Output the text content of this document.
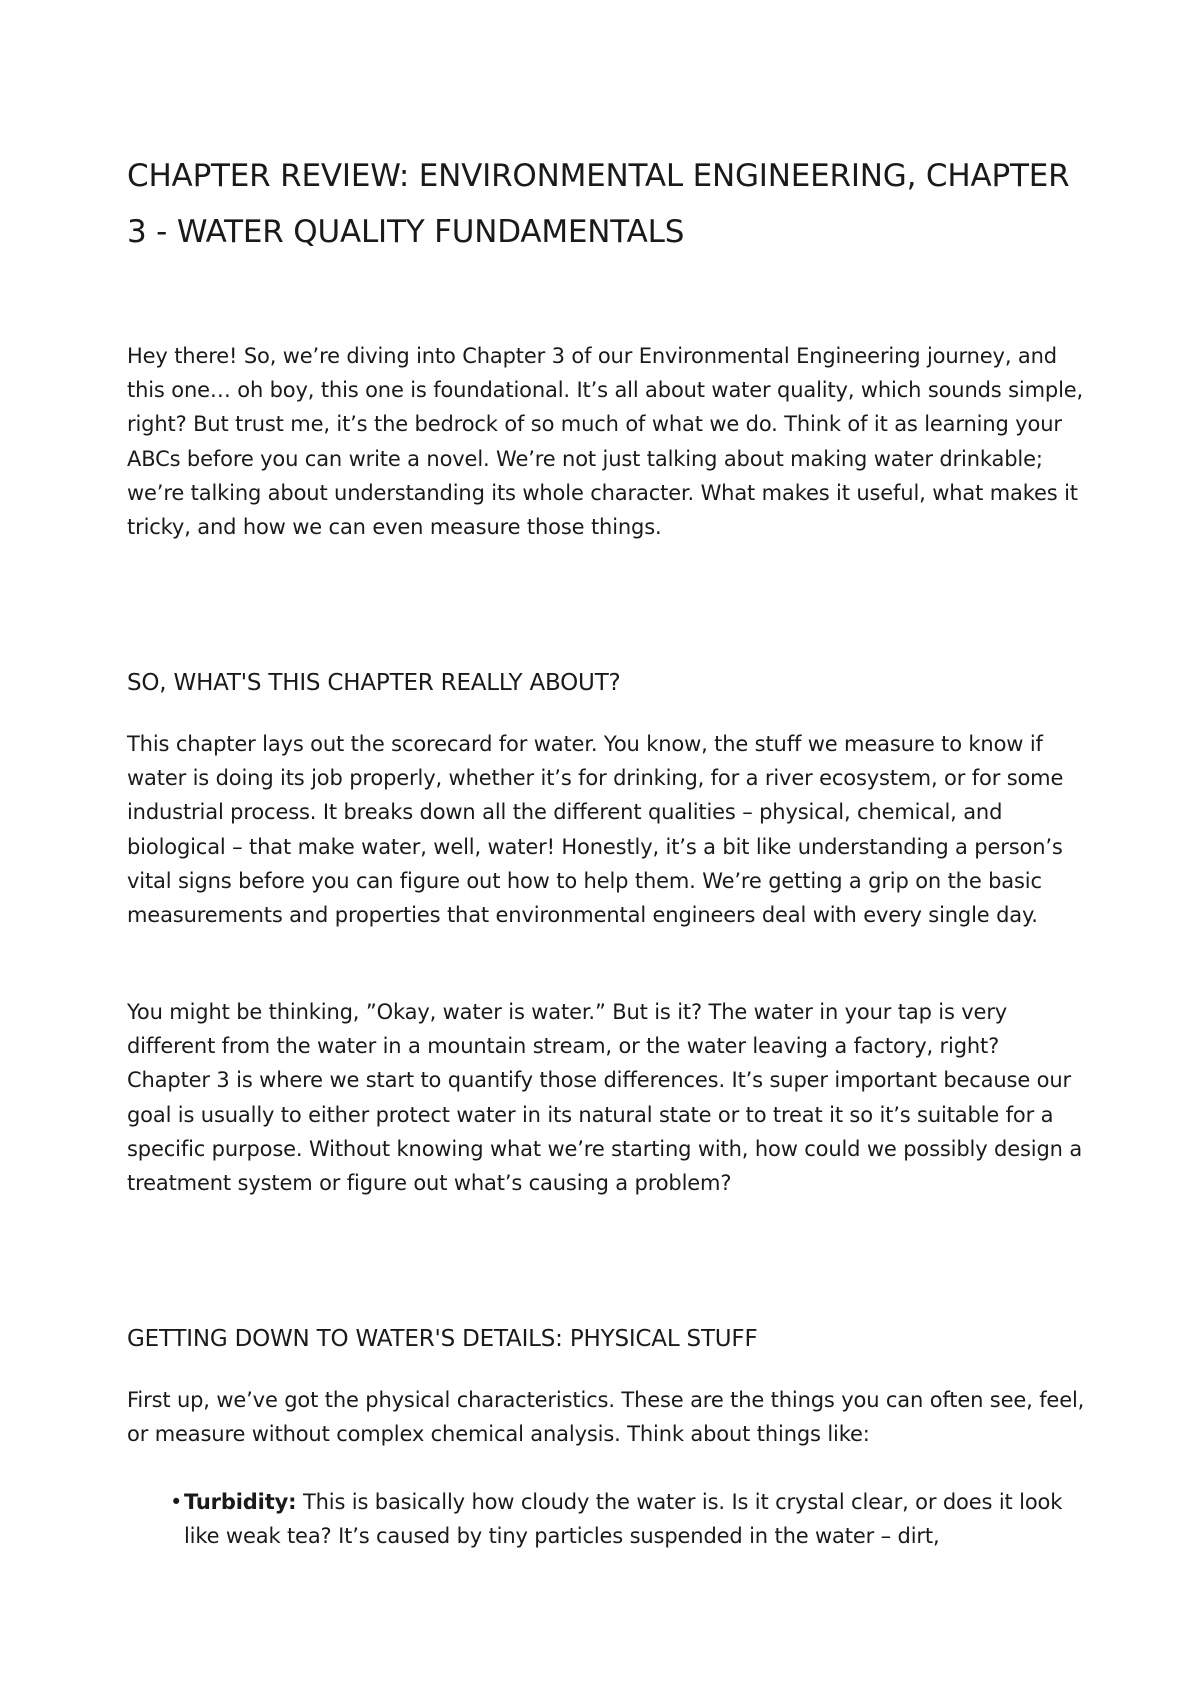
CHAPTER REVIEW: ENVIRONMENTAL ENGINEERING, CHAPTER 3 - WATER QUALITY FUNDAMENTALS

Hey there! So, we’re diving into Chapter 3 of our Environmental Engineering journey, and this one… oh boy, this one is foundational. It’s all about water quality, which sounds simple, right? But trust me, it’s the bedrock of so much of what we do. Think of it as learning your ABCs before you can write a novel. We’re not just talking about making water drinkable; we’re talking about understanding its whole character. What makes it useful, what makes it tricky, and how we can even measure those things.

SO, WHAT'S THIS CHAPTER REALLY ABOUT?

This chapter lays out the scorecard for water. You know, the stuff we measure to know if water is doing its job properly, whether it’s for drinking, for a river ecosystem, or for some industrial process. It breaks down all the different qualities – physical, chemical, and biological – that make water, well, water! Honestly, it’s a bit like understanding a person’s vital signs before you can figure out how to help them. We’re getting a grip on the basic measurements and properties that environmental engineers deal with every single day.

You might be thinking, ”Okay, water is water.” But is it? The water in your tap is very different from the water in a mountain stream, or the water leaving a factory, right? Chapter 3 is where we start to quantify those differences. It’s super important because our goal is usually to either protect water in its natural state or to treat it so it’s suitable for a specific purpose. Without knowing what we’re starting with, how could we possibly design a treatment system or figure out what’s causing a problem?

GETTING DOWN TO WATER'S DETAILS: PHYSICAL STUFF

First up, we’ve got the physical characteristics. These are the things you can often see, feel, or measure without complex chemical analysis. Think about things like:

• Turbidity: This is basically how cloudy the water is. Is it crystal clear, or does it look like weak tea? It’s caused by tiny particles suspended in the water – dirt,
